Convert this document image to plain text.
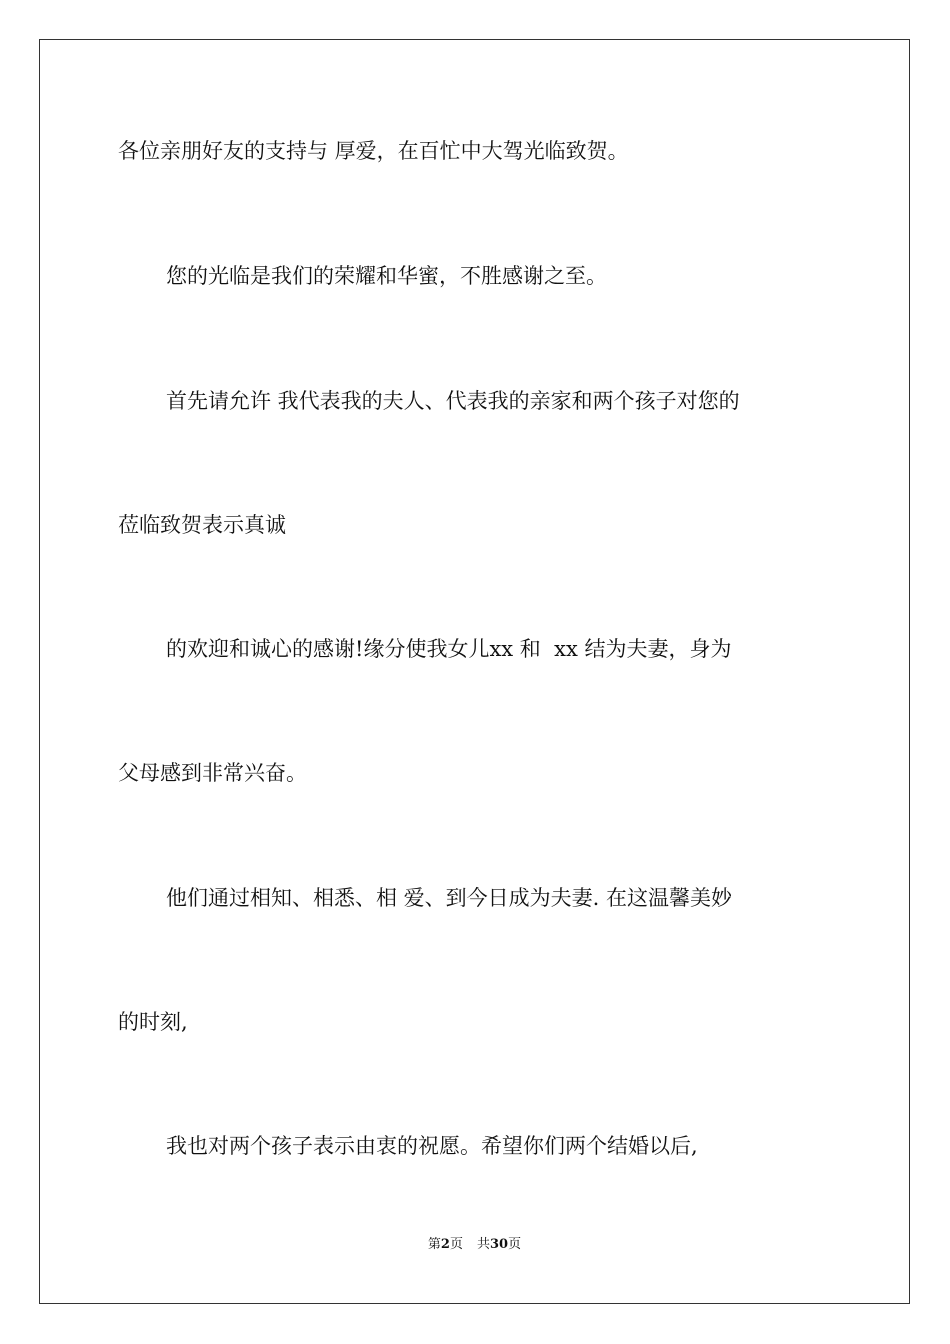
各位亲朋好友的支持与 厚爱，在百忙中大驾光临致贺。

您的光临是我们的荣耀和华蜜，不胜感谢之至。

首先请允许 我代表我的夫人、代表我的亲家和两个孩子对您的

莅临致贺表示真诚

的欢迎和诚心的感谢!缘分使我女儿xx 和  xx 结为夫妻，身为

父母感到非常兴奋。

他们通过相知、相悉、相 爱、到今日成为夫妻. 在这温馨美妙

的时刻,

我也对两个孩子表示由衷的祝愿。希望你们两个结婚以后,

第2页 共30页
